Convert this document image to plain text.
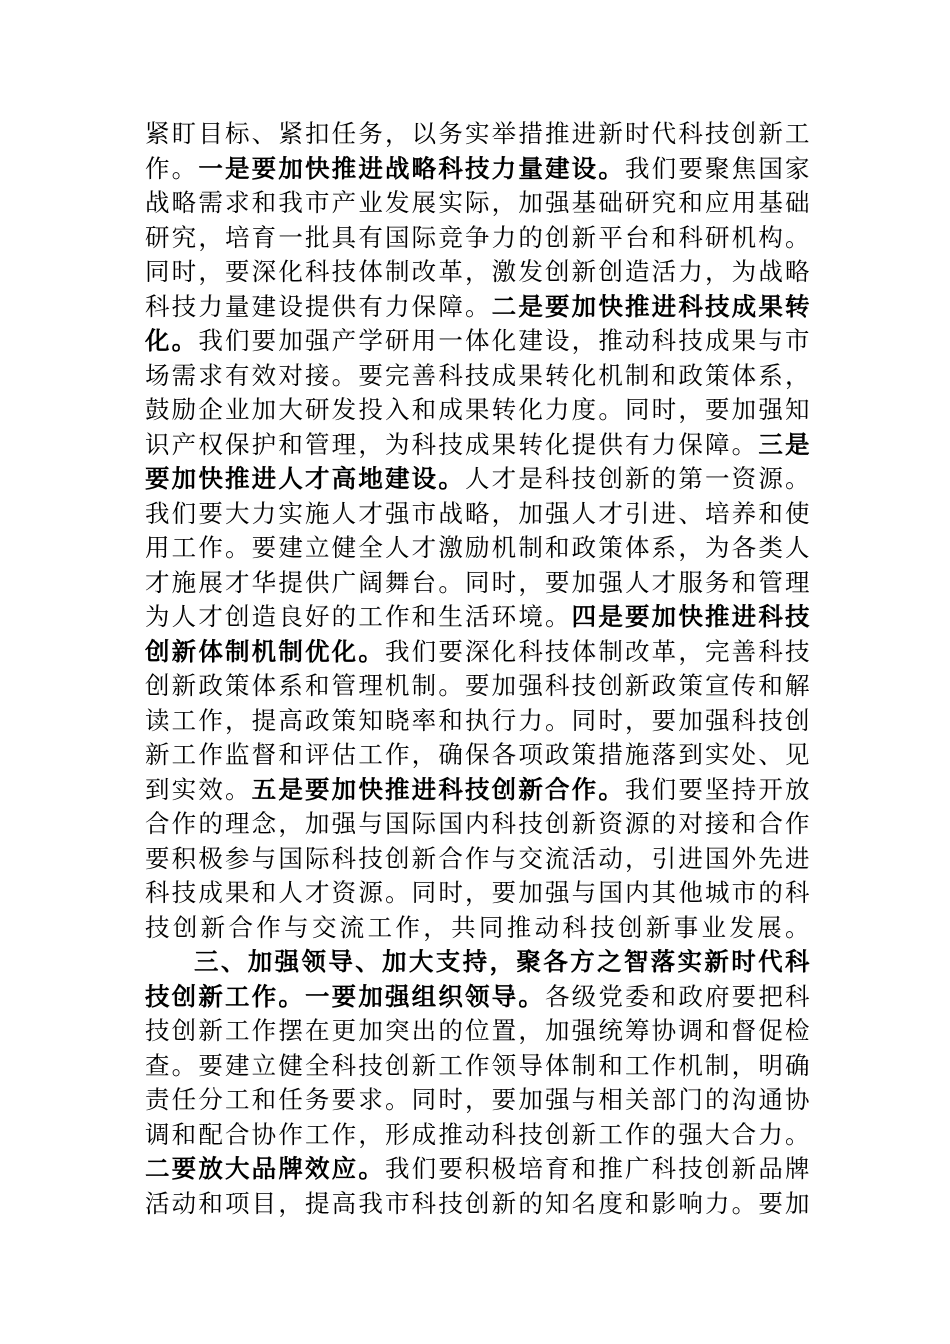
紧盯目标、紧扣任务，以务实举措推进新时代科技创新工
作。一是要加快推进战略科技力量建设。我们要聚焦国家
战略需求和我市产业发展实际，加强基础研究和应用基础
研究，培育一批具有国际竞争力的创新平台和科研机构。
同时，要深化科技体制改革，激发创新创造活力，为战略
科技力量建设提供有力保障。二是要加快推进科技成果转
化。我们要加强产学研用一体化建设，推动科技成果与市
场需求有效对接。要完善科技成果转化机制和政策体系，
鼓励企业加大研发投入和成果转化力度。同时，要加强知
识产权保护和管理，为科技成果转化提供有力保障。三是
要加快推进人才高地建设。人才是科技创新的第一资源。
我们要大力实施人才强市战略，加强人才引进、培养和使
用工作。要建立健全人才激励机制和政策体系，为各类人
才施展才华提供广阔舞台。同时，要加强人才服务和管理
为人才创造良好的工作和生活环境。四是要加快推进科技
创新体制机制优化。我们要深化科技体制改革，完善科技
创新政策体系和管理机制。要加强科技创新政策宣传和解
读工作，提高政策知晓率和执行力。同时，要加强科技创
新工作监督和评估工作，确保各项政策措施落到实处、见
到实效。五是要加快推进科技创新合作。我们要坚持开放
合作的理念，加强与国际国内科技创新资源的对接和合作
要积极参与国际科技创新合作与交流活动，引进国外先进
科技成果和人才资源。同时，要加强与国内其他城市的科
技创新合作与交流工作，共同推动科技创新事业发展。
三、加强领导、加大支持，聚各方之智落实新时代科
技创新工作。一要加强组织领导。各级党委和政府要把科
技创新工作摆在更加突出的位置，加强统筹协调和督促检
查。要建立健全科技创新工作领导体制和工作机制，明确
责任分工和任务要求。同时，要加强与相关部门的沟通协
调和配合协作工作，形成推动科技创新工作的强大合力。
二要放大品牌效应。我们要积极培育和推广科技创新品牌
活动和项目，提高我市科技创新的知名度和影响力。要加
